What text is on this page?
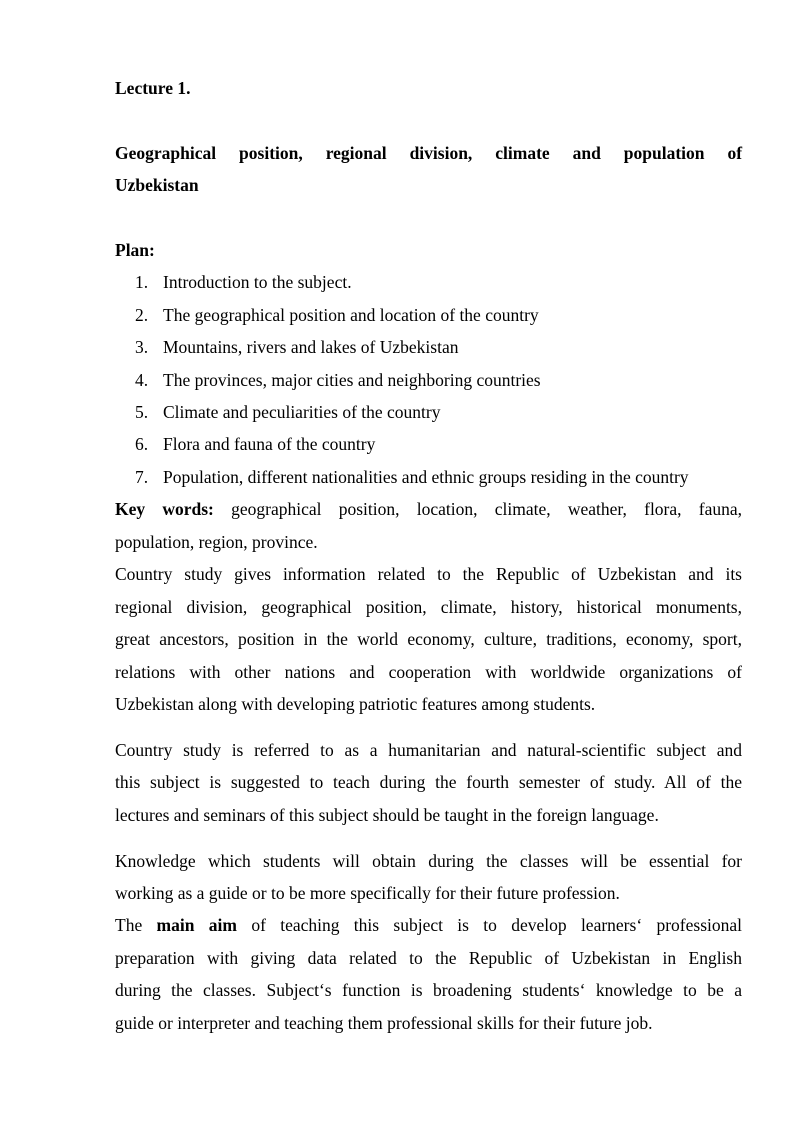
Lecture 1.
Geographical position, regional division, climate and population of
Uzbekistan
Plan:
1. Introduction to the subject.
2. The geographical position and location of the country
3. Mountains, rivers and lakes of Uzbekistan
4. The provinces, major cities and neighboring countries
5. Climate and peculiarities of the country
6. Flora and fauna of the country
7. Population, different nationalities and ethnic groups residing in the country
Key words: geographical position, location, climate, weather, flora, fauna,
population, region, province.
Country study gives information related to the Republic of Uzbekistan and its
regional division, geographical position, climate, history, historical monuments,
great ancestors, position in the world economy, culture, traditions, economy, sport,
relations with other nations and cooperation with worldwide organizations of
Uzbekistan along with developing patriotic features among students.
Country study is referred to as a humanitarian and natural-scientific subject and
this subject is suggested to teach during the fourth semester of study. All of the
lectures and seminars of this subject should be taught in the foreign language.
Knowledge which students will obtain during the classes will be essential for
working as a guide or to be more specifically for their future profession.
The main aim of teaching this subject is to develop learners‘ professional
preparation with giving data related to the Republic of Uzbekistan in English
during the classes. Subject‘s function is broadening students‘ knowledge to be a
guide or interpreter and teaching them professional skills for their future job.
